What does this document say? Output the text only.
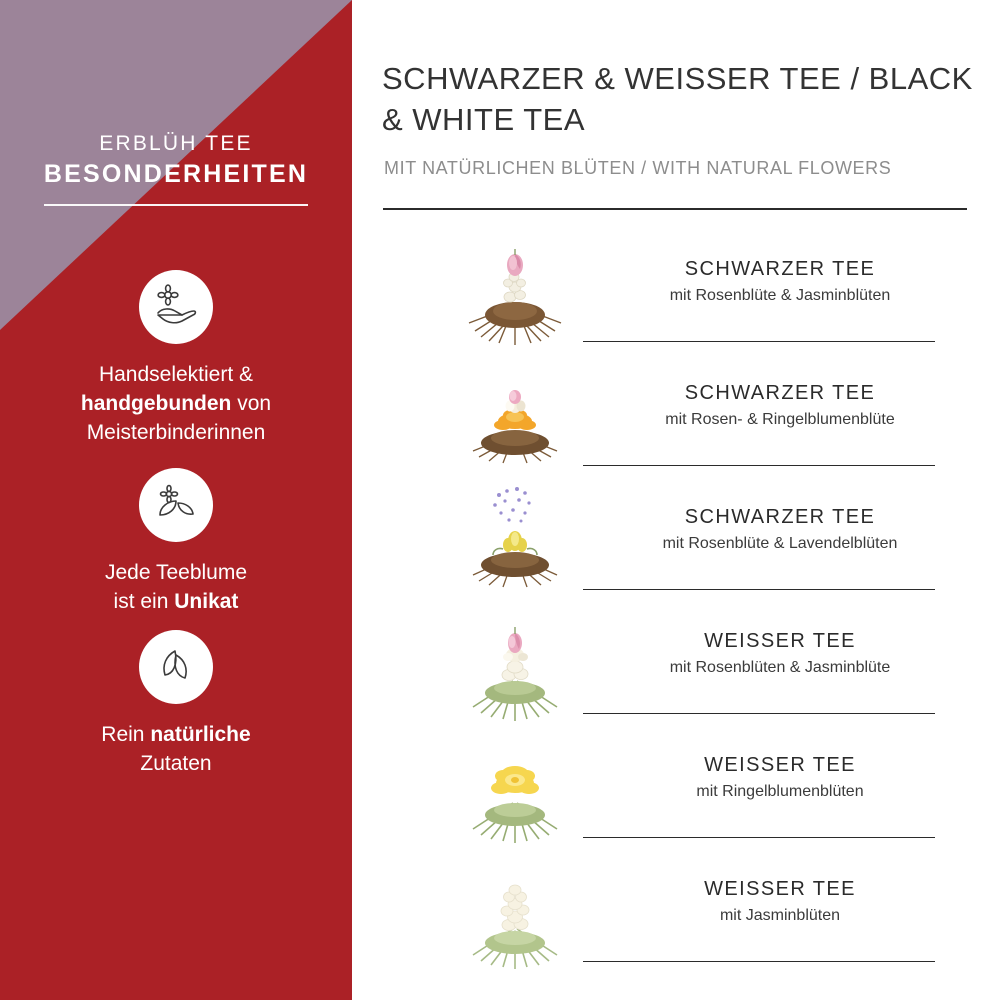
ERBLÜH TEE
BESONDERHEITEN
Handselektiert &
handgebunden von
Meisterbinderinnen
Jede Teeblume
ist ein Unikat
Rein natürliche
Zutaten
SCHWARZER & WEISSER TEE / BLACK & WHITE TEA
MIT NATÜRLICHEN BLÜTEN / WITH NATURAL FLOWERS
SCHWARZER TEE
mit Rosenblüte & Jasminblüten
SCHWARZER TEE
mit Rosen- & Ringelblumenblüte
SCHWARZER TEE
mit Rosenblüte & Lavendelblüten
WEISSER TEE
mit Rosenblüten & Jasminblüte
WEISSER TEE
mit Ringelblumenblüten
WEISSER TEE
mit Jasminblüten
